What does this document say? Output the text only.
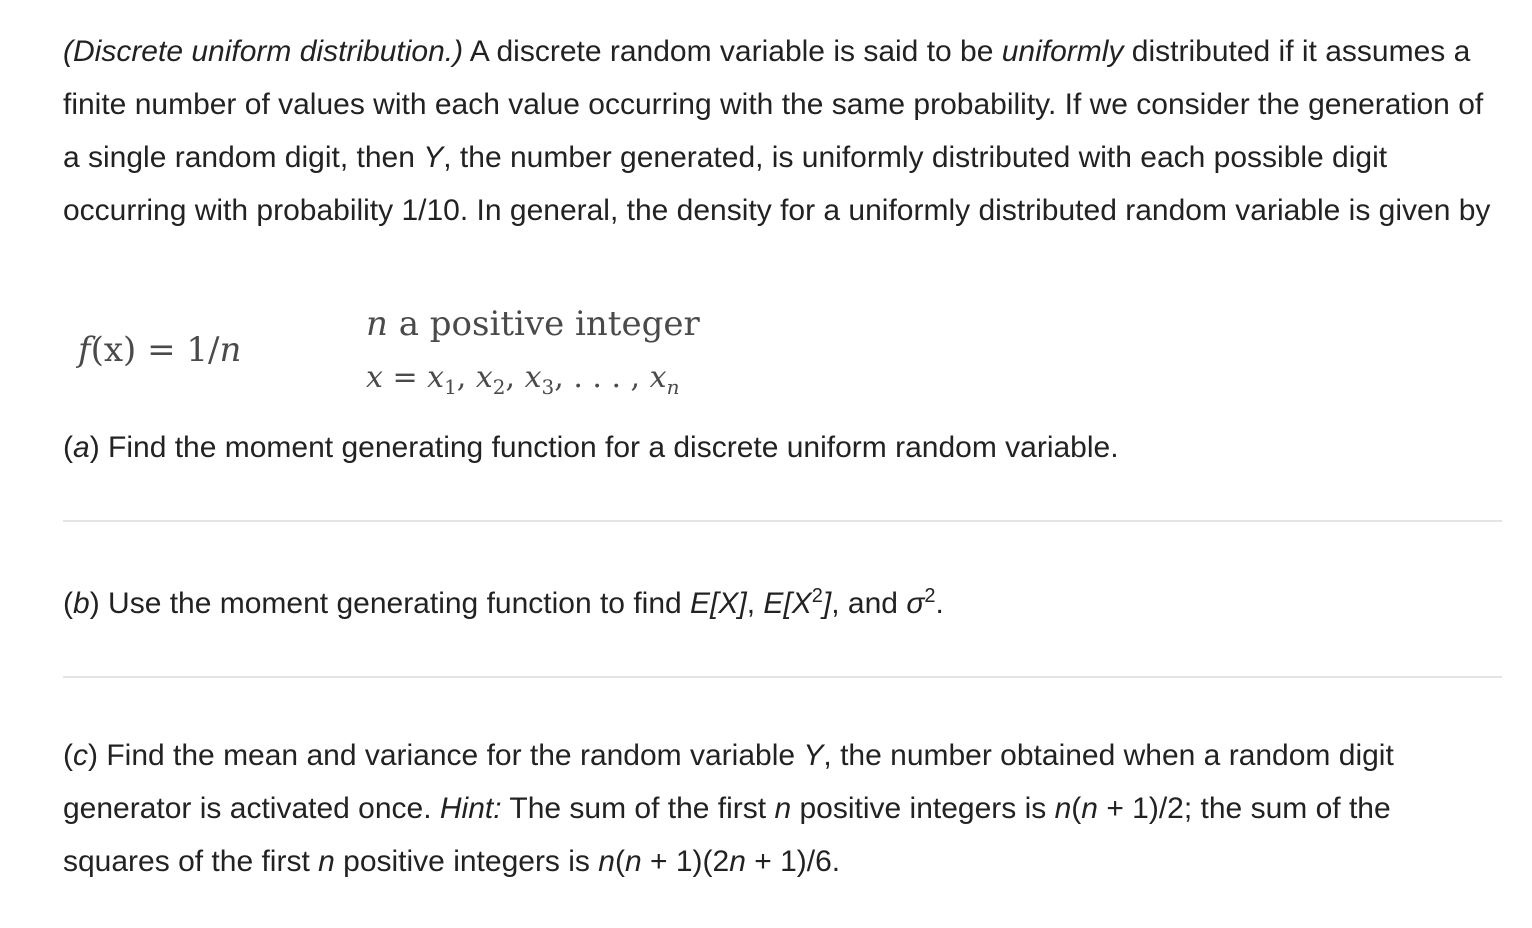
(Discrete uniform distribution.) A discrete random variable is said to be uniformly distributed if it assumes a finite number of values with each value occurring with the same probability. If we consider the generation of a single random digit, then Y, the number generated, is uniformly distributed with each possible digit occurring with probability 1/10. In general, the density for a uniformly distributed random variable is given by

f(x) = 1/n
n a positive integer
$x = x_1$, $x_2$, $x_3$, . . . , $x_n$

(a) Find the moment generating function for a discrete uniform random variable.

(b) Use the moment generating function to find E[X], $E[X^2]$, and $\sigma^2$.

(c) Find the mean and variance for the random variable Y, the number obtained when a random digit generator is activated once. Hint: The sum of the first n positive integers is n(n + 1)/2; the sum of the squares of the first n positive integers is n(n + 1)(2n + 1)/6.
